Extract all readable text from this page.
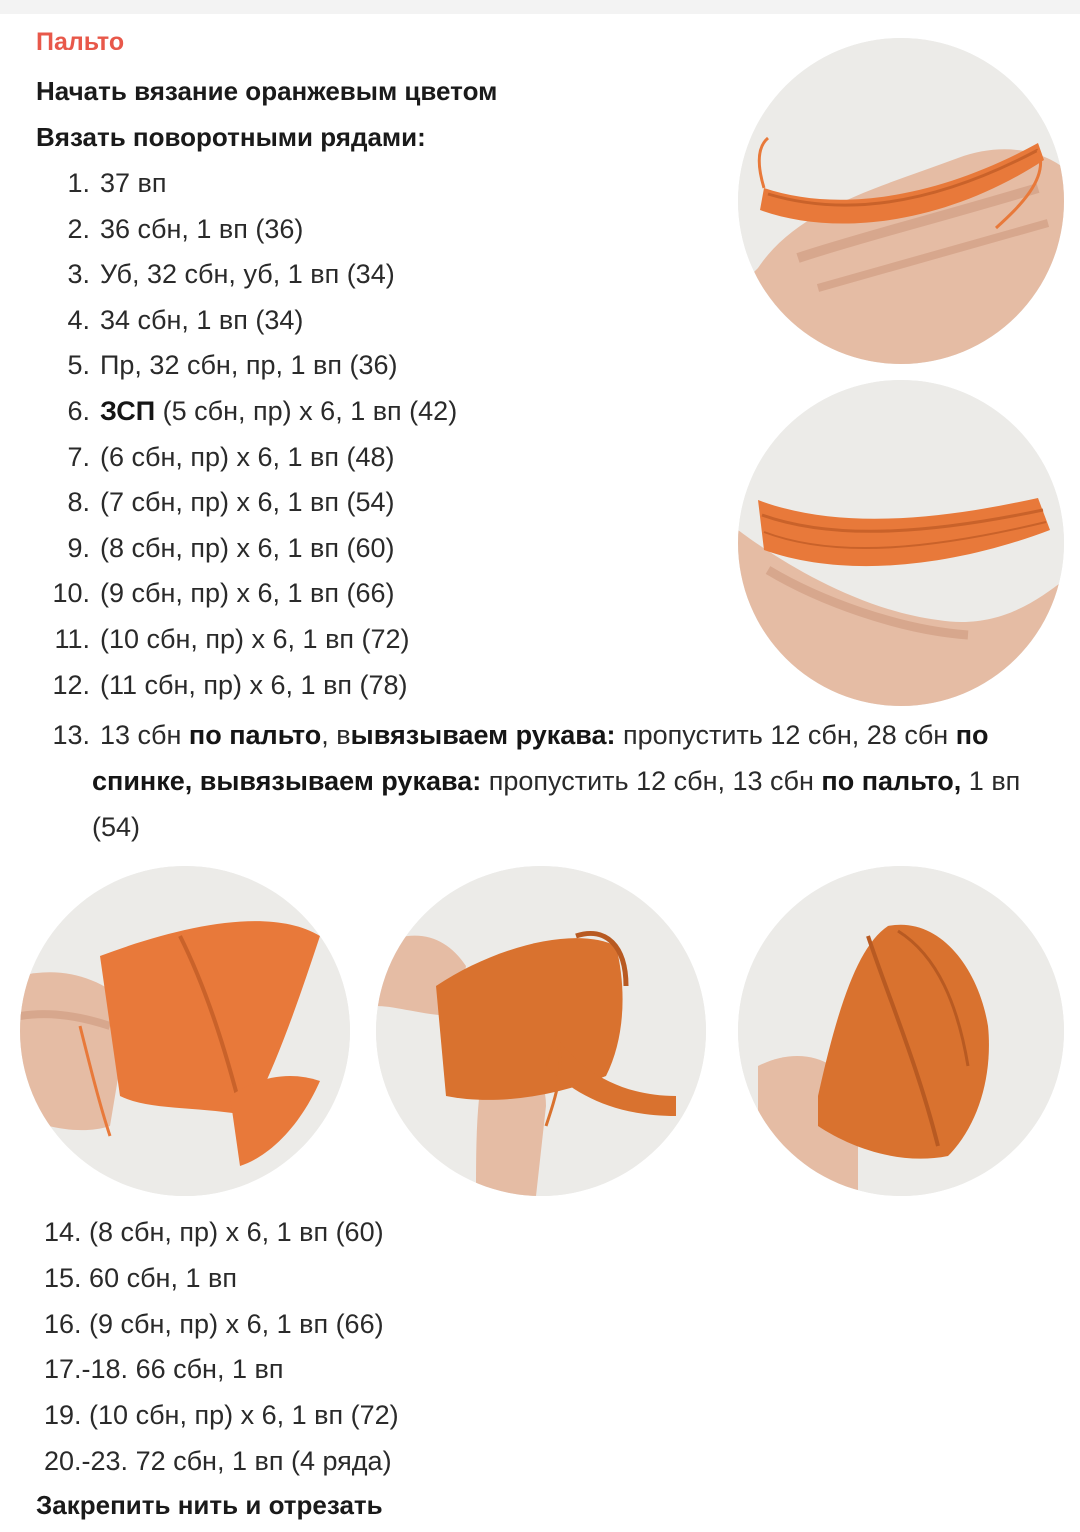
Пальто
Начать вязание оранжевым цветом
Вязать поворотными рядами:
1. 37 вп
2. 36 сбн, 1 вп (36)
3. Уб, 32 сбн, уб, 1 вп (34)
4. 34 сбн, 1 вп (34)
5. Пр, 32 сбн, пр, 1 вп (36)
6. ЗСП (5 сбн, пр) х 6, 1 вп (42)
7. (6 сбн, пр) х 6, 1 вп (48)
8. (7 сбн, пр) х 6, 1 вп (54)
9. (8 сбн, пр) х 6, 1 вп (60)
10. (9 сбн, пр) х 6, 1 вп (66)
11. (10 сбн, пр) х 6, 1 вп (72)
12. (11 сбн, пр) х 6, 1 вп (78)
13. 13 сбн по пальто, вывязываем рукава: пропустить 12 сбн, 28 сбн по спинке, вывязываем рукава: пропустить 12 сбн, 13 сбн по пальто, 1 вп (54)
14. (8 сбн, пр) х 6, 1 вп (60)
15. 60 сбн, 1 вп
16. (9 сбн, пр) х 6, 1 вп (66)
17.-18. 66 сбн, 1 вп
19. (10 сбн, пр) х 6, 1 вп (72)
20.-23. 72 сбн, 1 вп (4 ряда)
Закрепить нить и отрезать
